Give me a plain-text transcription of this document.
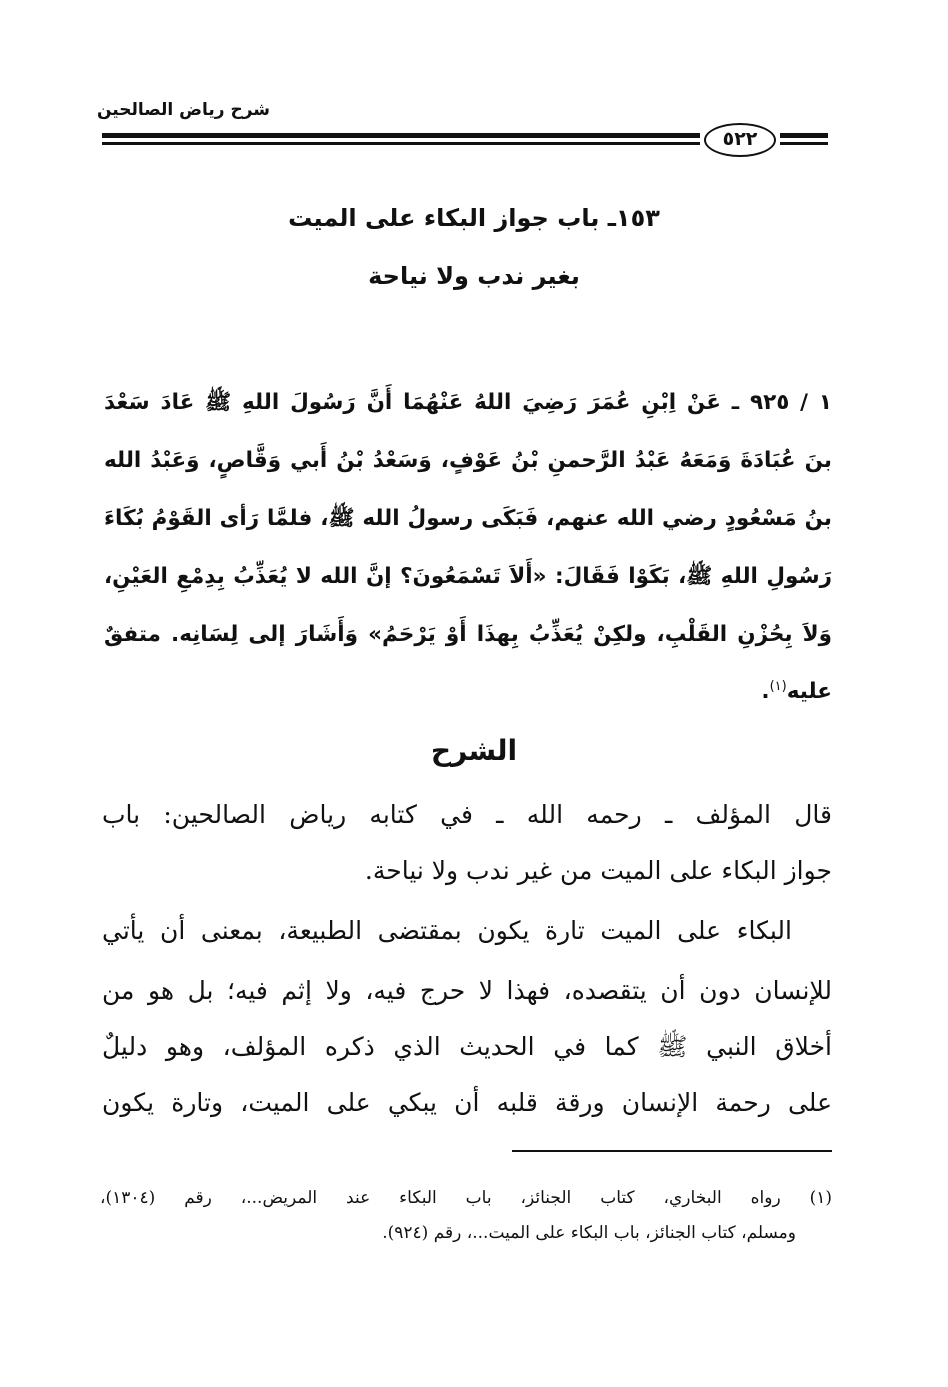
شرح رياض الصالحين
٥٢٢
١٥٣ـ باب جواز البكاء على الميت
بغير ندب ولا نياحة
١ / ٩٢٥ ـ عَنْ اِبْنِ عُمَرَ رَضِيَ اللهُ عَنْهُمَا أَنَّ رَسُولَ اللهِ ﷺ عَادَ سَعْدَ
بنَ عُبَادَةَ وَمَعَهُ عَبْدُ الرَّحمنِ بْنُ عَوْفٍ، وَسَعْدُ بْنُ أَبي وَقَّاصٍ، وَعَبْدُ الله
بنُ مَسْعُودٍ رضي الله عنهم، فَبَكَى رسولُ الله ﷺ، فلمَّا رَأى القَوْمُ بُكَاءَ
رَسُولِ اللهِ ﷺ، بَكَوْا فَقَالَ: «أَلاَ تَسْمَعُونَ؟ إنَّ الله لا يُعَذِّبُ بِدِمْعِ العَيْنِ،
وَلاَ بِحُزْنِ القَلْبِ، ولكِنْ يُعَذِّبُ بِهذَا أَوْ يَرْحَمُ» وَأَشَارَ إلى لِسَانِه. متفقٌ
عليه$^{(١)}$.
الشرح
قال المؤلف ـ رحمه الله ـ في كتابه رياض الصالحين: باب
جواز البكاء على الميت من غير ندب ولا نياحة.
البكاء على الميت تارة يكون بمقتضى الطبيعة، بمعنى أن يأتي
للإنسان دون أن يتقصده، فهذا لا حرج فيه، ولا إثم فيه؛ بل هو من
أخلاق النبي ﷺ كما في الحديث الذي ذكره المؤلف، وهو دليلٌ
على رحمة الإنسان ورقة قلبه أن يبكي على الميت، وتارة يكون
(١) رواه البخاري، كتاب الجنائز، باب البكاء عند المريض...، رقم (١٣٠٤)،
ومسلم، كتاب الجنائز، باب البكاء على الميت...، رقم (٩٢٤).
